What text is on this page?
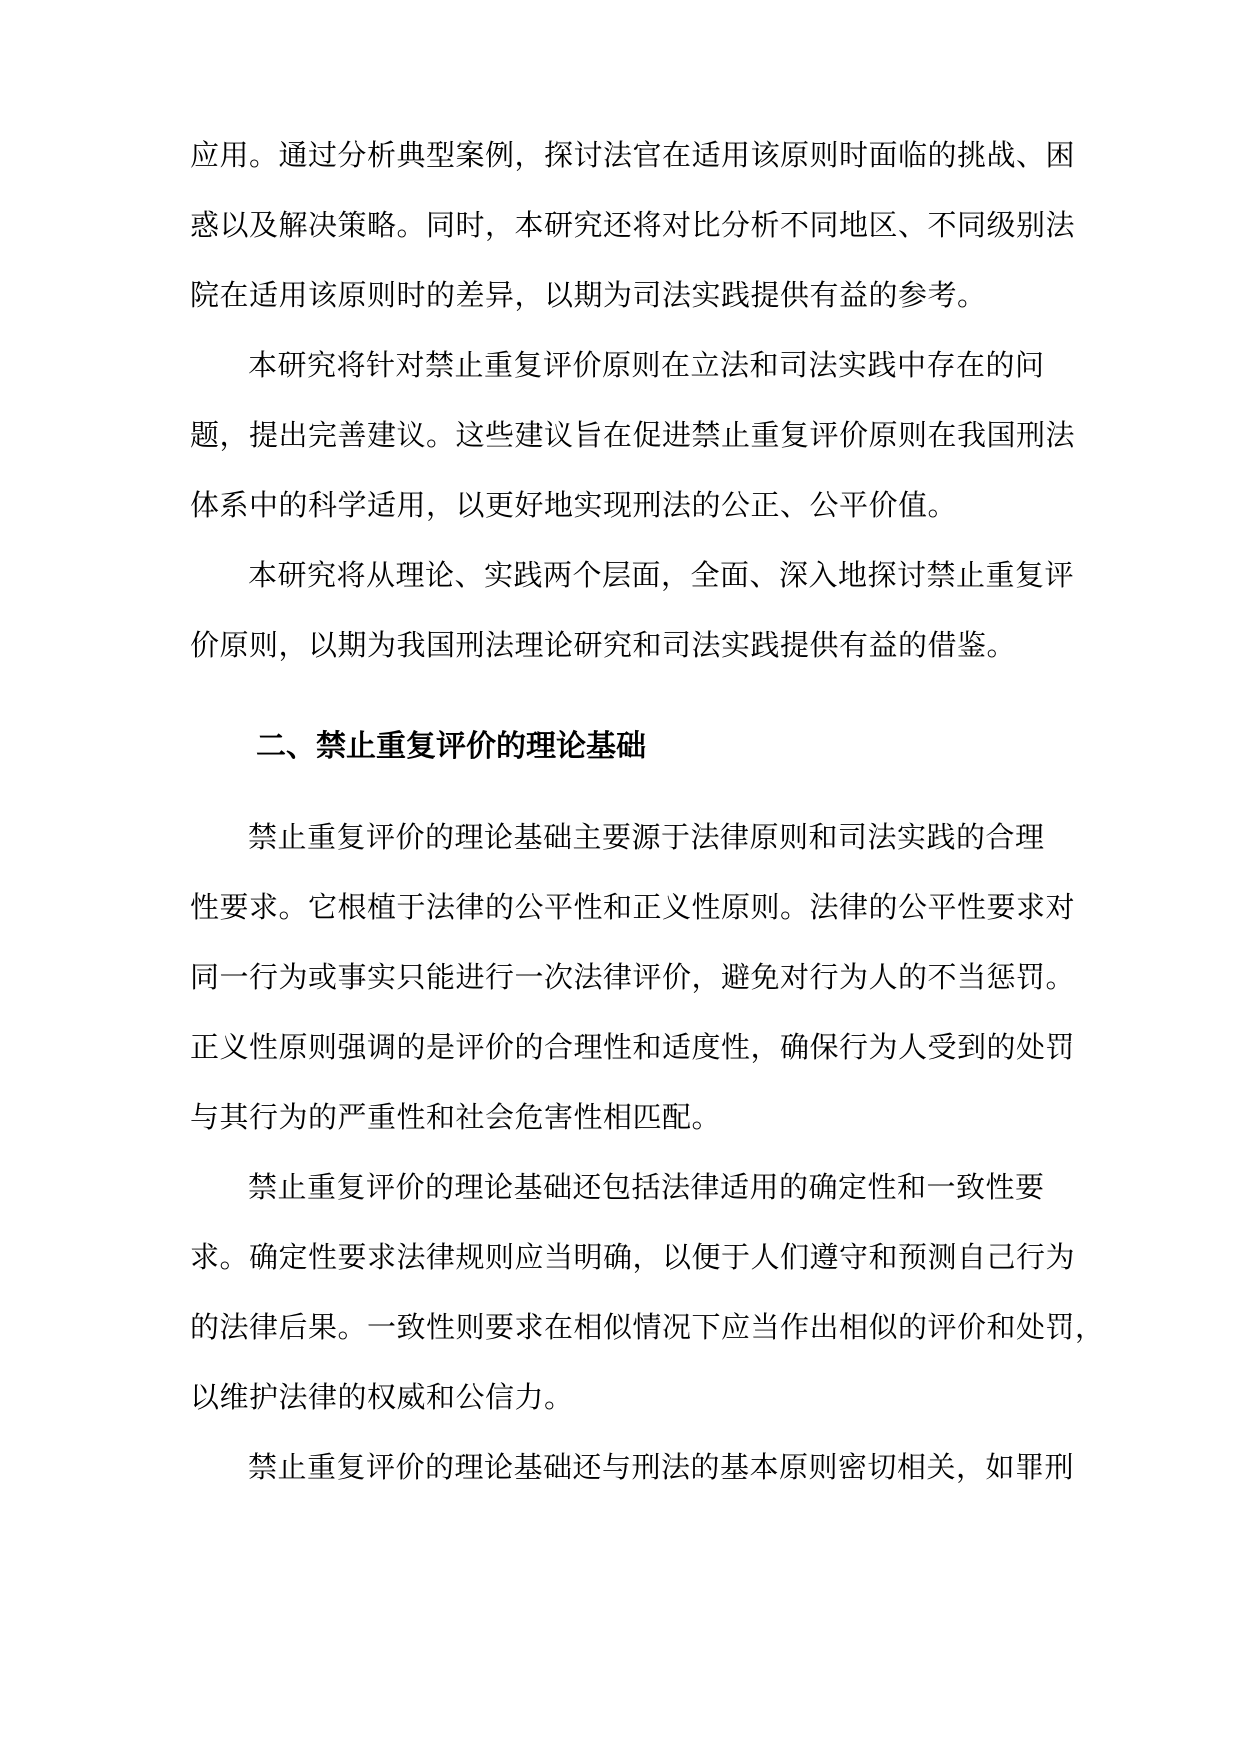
应用。通过分析典型案例，探讨法官在适用该原则时面临的挑战、困
惑以及解决策略。同时，本研究还将对比分析不同地区、不同级别法
院在适用该原则时的差异，以期为司法实践提供有益的参考。
本研究将针对禁止重复评价原则在立法和司法实践中存在的问
题，提出完善建议。这些建议旨在促进禁止重复评价原则在我国刑法
体系中的科学适用，以更好地实现刑法的公正、公平价值。
本研究将从理论、实践两个层面，全面、深入地探讨禁止重复评
价原则，以期为我国刑法理论研究和司法实践提供有益的借鉴。
二、禁止重复评价的理论基础
禁止重复评价的理论基础主要源于法律原则和司法实践的合理
性要求。它根植于法律的公平性和正义性原则。法律的公平性要求对
同一行为或事实只能进行一次法律评价，避免对行为人的不当惩罚。
正义性原则强调的是评价的合理性和适度性，确保行为人受到的处罚
与其行为的严重性和社会危害性相匹配。
禁止重复评价的理论基础还包括法律适用的确定性和一致性要
求。确定性要求法律规则应当明确，以便于人们遵守和预测自己行为
的法律后果。一致性则要求在相似情况下应当作出相似的评价和处罚，
以维护法律的权威和公信力。
禁止重复评价的理论基础还与刑法的基本原则密切相关，如罪刑
